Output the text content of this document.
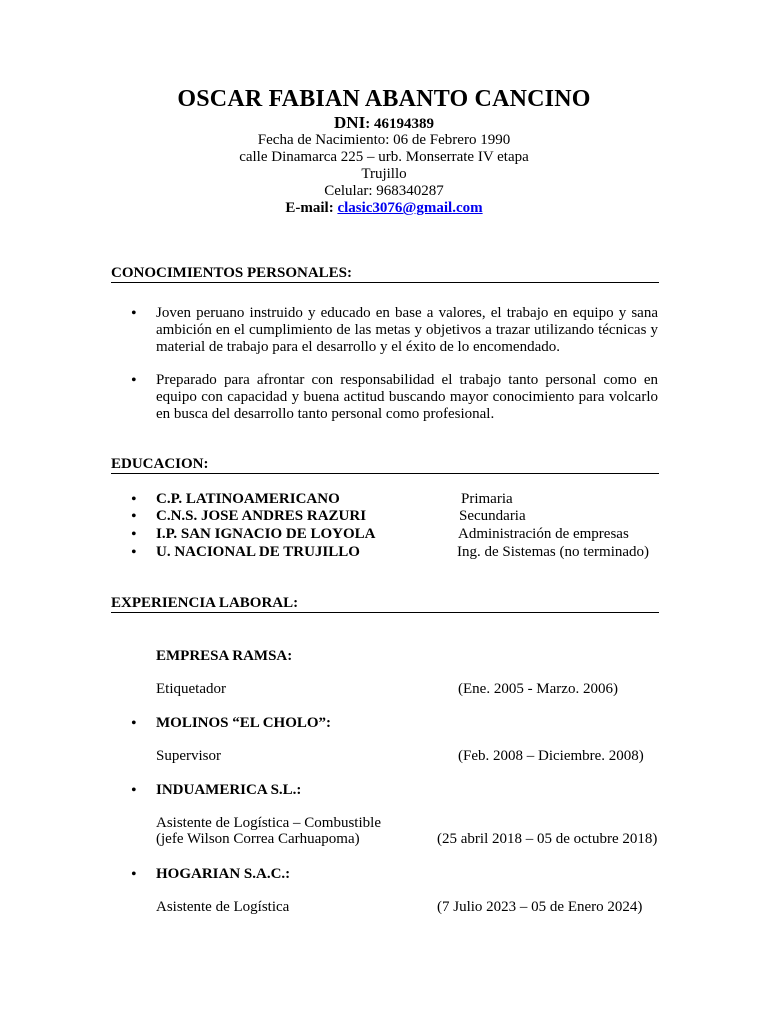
OSCAR FABIAN ABANTO CANCINO
DNI: 46194389
Fecha de Nacimiento: 06 de Febrero 1990
calle Dinamarca 225 – urb. Monserrate IV etapa
Trujillo
Celular: 968340287
E-mail: clasic3076@gmail.com
CONOCIMIENTOS PERSONALES:
• Joven peruano instruido y educado en base a valores, el trabajo en equipo y sana ambición en el cumplimiento de las metas y objetivos a trazar utilizando técnicas y material de trabajo para el desarrollo y el éxito de lo encomendado.
• Preparado para afrontar con responsabilidad el trabajo tanto personal como en equipo con capacidad y buena actitud buscando mayor conocimiento para volcarlo en busca del desarrollo tanto personal como profesional.
EDUCACION:
• C.P. LATINOAMERICANO	Primaria
• C.N.S. JOSE ANDRES RAZURI	Secundaria
• I.P. SAN IGNACIO DE LOYOLA	Administración de empresas
• U. NACIONAL DE TRUJILLO	Ing. de Sistemas (no terminado)
EXPERIENCIA LABORAL:
EMPRESA RAMSA:
Etiquetador	(Ene. 2005 - Marzo. 2006)
• MOLINOS “EL CHOLO”:
Supervisor	(Feb. 2008 – Diciembre. 2008)
• INDUAMERICA S.L.:
Asistente de Logística – Combustible
(jefe Wilson Correa Carhuapoma)	(25 abril 2018 – 05 de octubre 2018)
• HOGARIAN S.A.C.:
Asistente de Logística	(7 Julio 2023 – 05 de Enero 2024)
